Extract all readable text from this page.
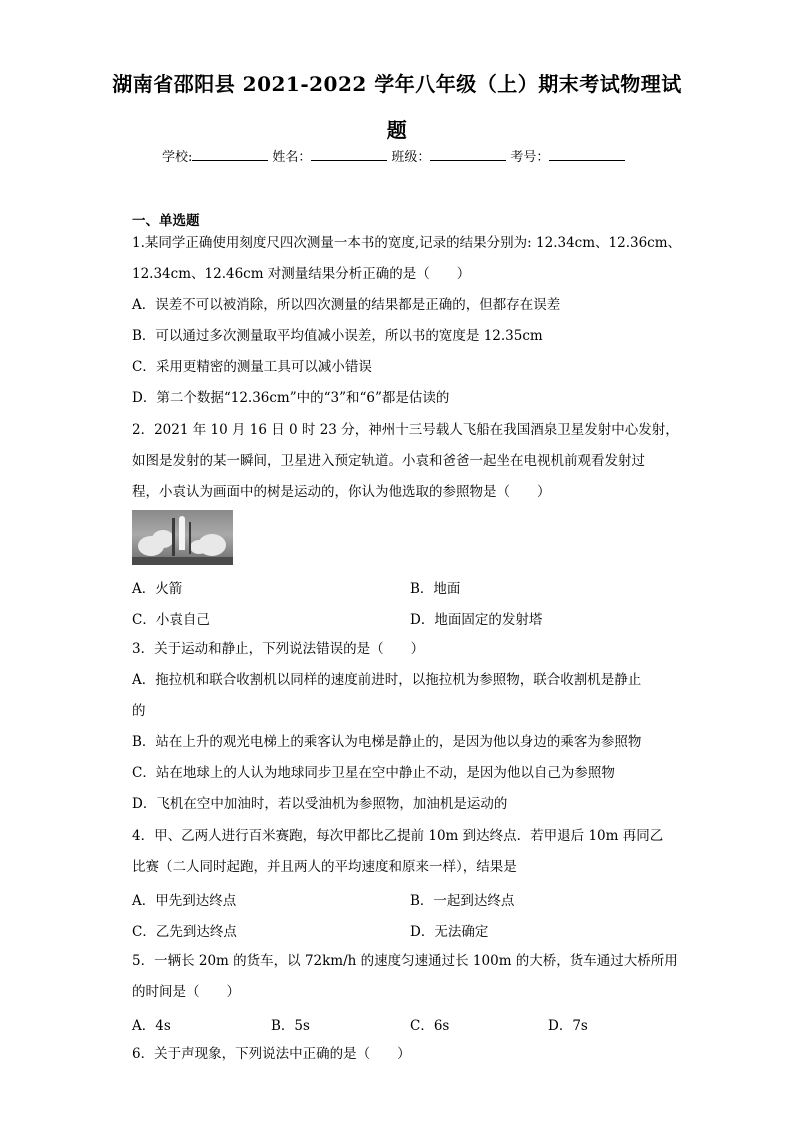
湖南省邵阳县 2021-2022 学年八年级（上）期末考试物理试
题
学校:	姓名：	班级：	考号：
一、单选题
1.某同学正确使用刻度尺四次测量一本书的宽度,记录的结果分别为: 12.34cm、12.36cm、
12.34cm、12.46cm 对测量结果分析正确的是（　　）
A．误差不可以被消除，所以四次测量的结果都是正确的，但都存在误差
B．可以通过多次测量取平均值减小误差，所以书的宽度是 12.35cm
C．采用更精密的测量工具可以减小错误
D．第二个数据“12.36cm”中的“3”和“6”都是估读的
2．2021 年 10 月 16 日 0 时 23 分，神州十三号载人飞船在我国酒泉卫星发射中心发射，
如图是发射的某一瞬间，卫星进入预定轨道。小袁和爸爸一起坐在电视机前观看发射过
程，小袁认为画面中的树是运动的，你认为他选取的参照物是（　　）
A．火箭	B．地面
C．小袁自己	D．地面固定的发射塔
3．关于运动和静止，下列说法错误的是（　　）
A．拖拉机和联合收割机以同样的速度前进时，以拖拉机为参照物，联合收割机是静止
的
B．站在上升的观光电梯上的乘客认为电梯是静止的，是因为他以身边的乘客为参照物
C．站在地球上的人认为地球同步卫星在空中静止不动，是因为他以自己为参照物
D．飞机在空中加油时，若以受油机为参照物，加油机是运动的
4．甲、乙两人进行百米赛跑，每次甲都比乙提前 10m 到达终点．若甲退后 10m 再同乙
比赛（二人同时起跑，并且两人的平均速度和原来一样），结果是
A．甲先到达终点	B．一起到达终点
C．乙先到达终点	D．无法确定
5．一辆长 20m 的货车，以 72km/h 的速度匀速通过长 100m 的大桥，货车通过大桥所用
的时间是（　　）
A．4s	B．5s	C．6s	D．7s
6．关于声现象，下列说法中正确的是（　　）
